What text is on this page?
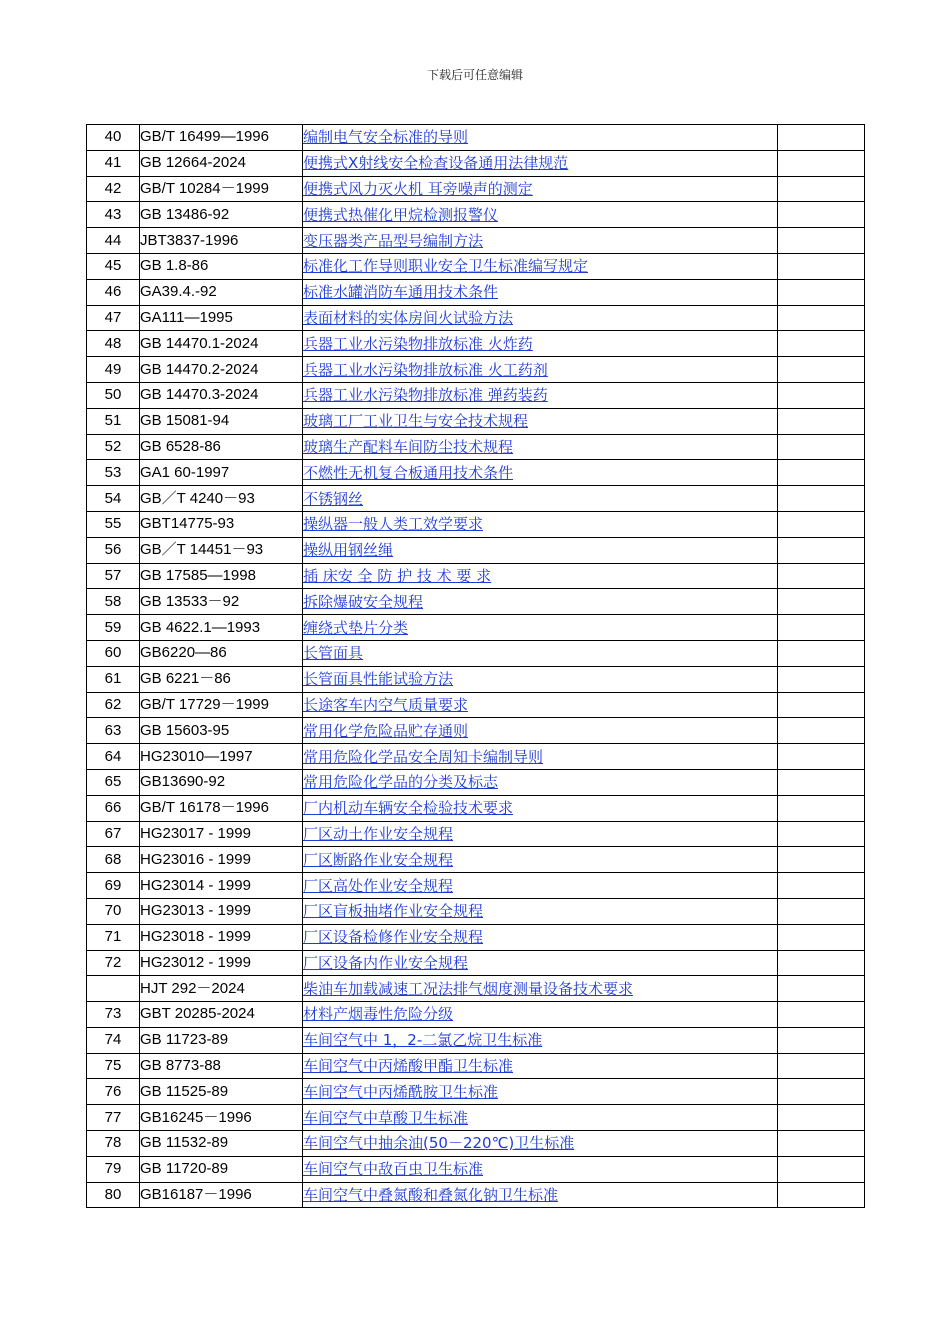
下载后可任意编辑
40	GB/T 16499—1996	编制电气安全标准的导则	
41	GB 12664-2024	便携式X射线安全检查设备通用法律规范	
42	GB/T 10284－1999	便携式风力灭火机 耳旁噪声的测定	
43	GB 13486-92	便携式热催化甲烷检测报警仪	
44	JBT3837-1996	变压器类产品型号编制方法	
45	GB 1.8-86	标准化工作导则职业安全卫生标准编写规定	
46	GA39.4.-92	标准水罐消防车通用技术条件	
47	GA111—1995	表面材料的实体房间火试验方法	
48	GB 14470.1-2024	兵器工业水污染物排放标准 火炸药	
49	GB 14470.2-2024	兵器工业水污染物排放标准 火工药剂	
50	GB 14470.3-2024	兵器工业水污染物排放标准 弹药装药	
51	GB 15081-94	玻璃工厂工业卫生与安全技术规程	
52	GB 6528-86	玻璃生产配料车间防尘技术规程	
53	GA1 60-1997	不燃性无机复合板通用技术条件	
54	GB／T 4240－93	不锈钢丝	
55	GBT14775-93	操纵器一般人类工效学要求	
56	GB／T 14451－93	操纵用钢丝绳	
57	GB 17585—1998	插 床安 全 防 护 技 术 要 求	
58	GB 13533－92	拆除爆破安全规程	
59	GB 4622.1—1993	缠绕式垫片分类	
60	GB6220—86	长管面具	
61	GB 6221－86	长管面具性能试验方法	
62	GB/T 17729－1999	长途客车内空气质量要求	
63	GB 15603-95	常用化学危险品贮存通则	
64	HG23010—1997	常用危险化学品安全周知卡编制导则	
65	GB13690-92	常用危险化学品的分类及标志	
66	GB/T 16178－1996	厂内机动车辆安全检验技术要求	
67	HG23017 - 1999	厂区动土作业安全规程	
68	HG23016 - 1999	厂区断路作业安全规程	
69	HG23014 - 1999	厂区高处作业安全规程	
70	HG23013 - 1999	厂区盲板抽堵作业安全规程	
71	HG23018 - 1999	厂区设备检修作业安全规程	
72	HG23012 - 1999	厂区设备内作业安全规程	
	HJT 292－2024	柴油车加载减速工况法排气烟度测量设备技术要求	
73	GBT 20285-2024	材料产烟毒性危险分级	
74	GB 11723-89	车间空气中 1，2-二氯乙烷卫生标准	
75	GB 8773-88	车间空气中丙烯酸甲酯卫生标准	
76	GB 11525-89	车间空气中丙烯酰胺卫生标准	
77	GB16245－1996	车间空气中草酸卫生标准	
78	GB 11532-89	车间空气中抽余油(50－220℃)卫生标准	
79	GB 11720-89	车间空气中敌百虫卫生标准	
80	GB16187－1996	车间空气中叠氮酸和叠氮化钠卫生标准	
